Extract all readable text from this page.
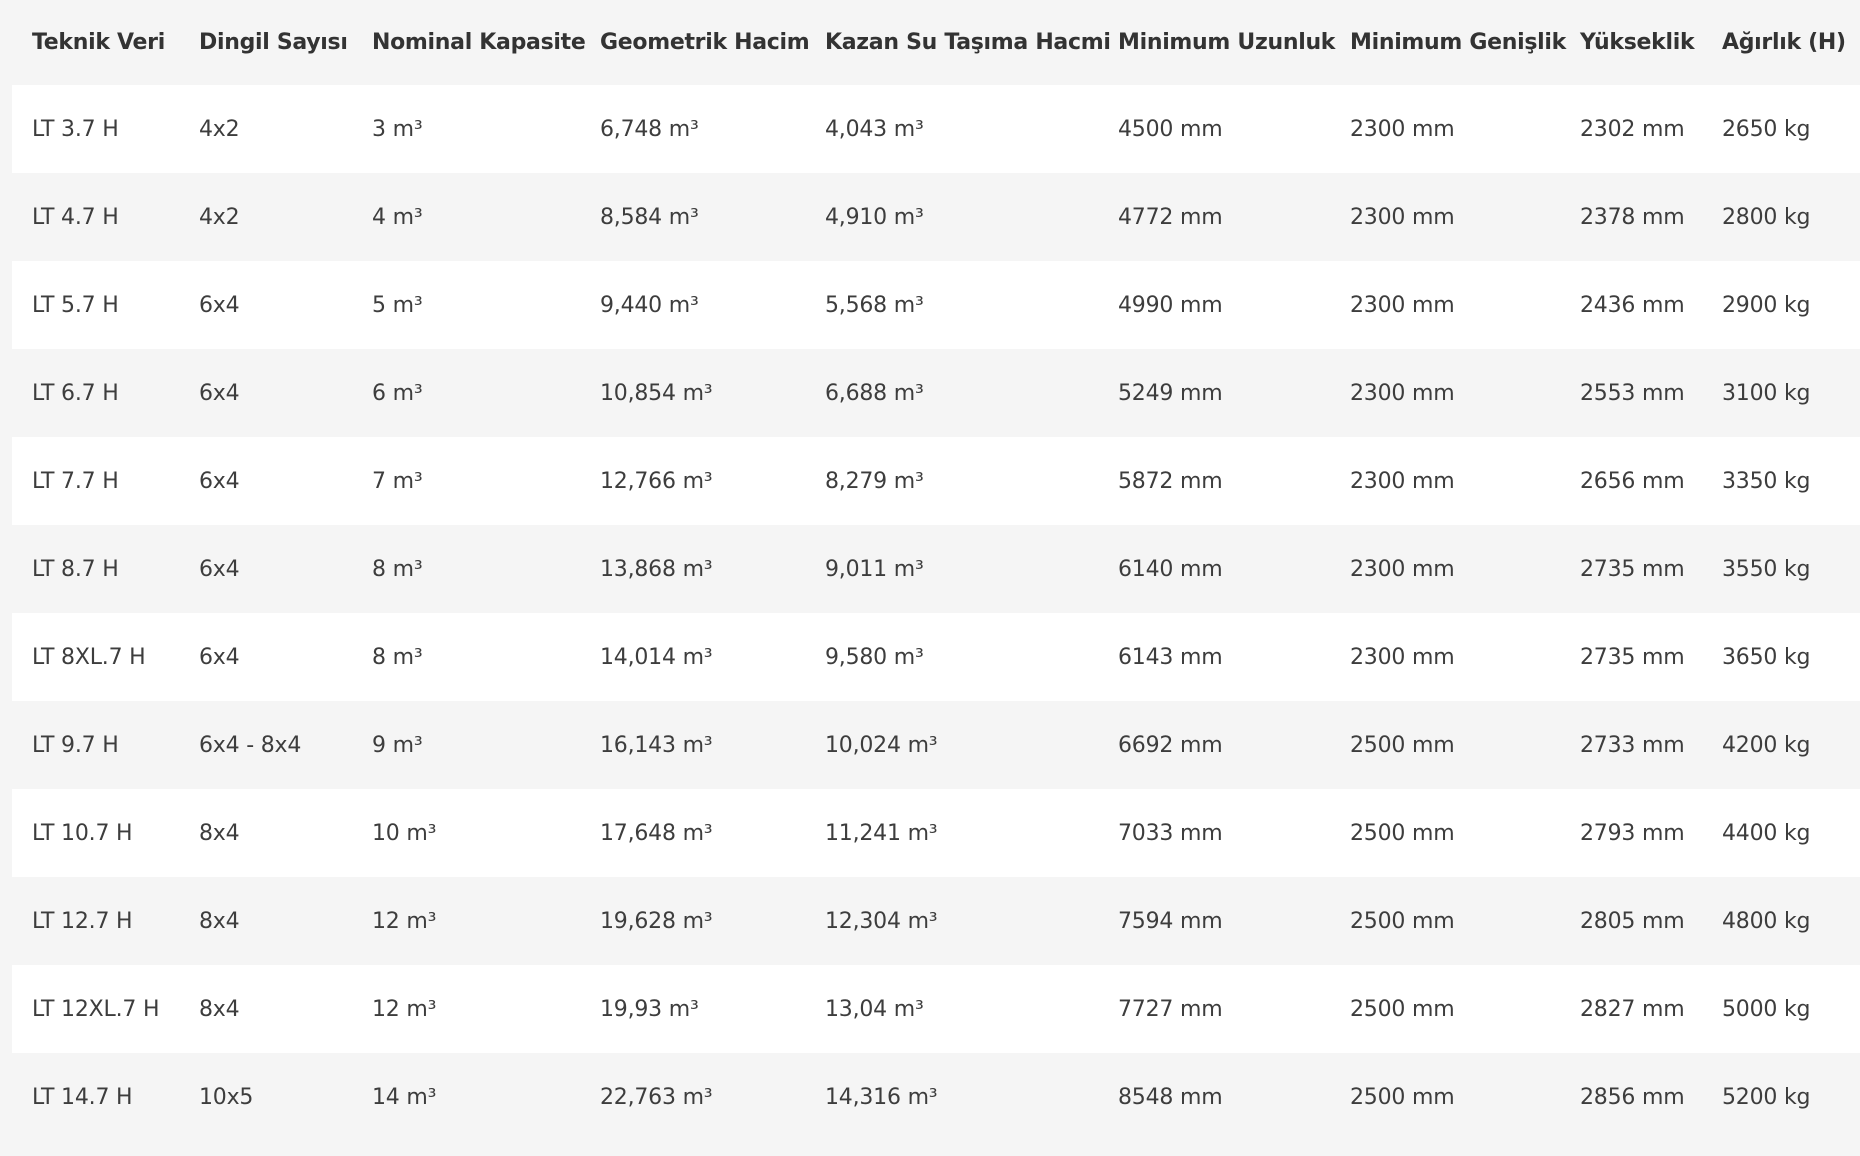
Teknik Veri	Dingil Sayısı	Nominal Kapasite	Geometrik Hacim	Kazan Su Taşıma Hacmi	Minimum Uzunluk	Minimum Genişlik	Yükseklik	Ağırlık (H)
LT 3.7 H	4x2	3 m³	6,748 m³	4,043 m³	4500 mm	2300 mm	2302 mm	2650 kg
LT 4.7 H	4x2	4 m³	8,584 m³	4,910 m³	4772 mm	2300 mm	2378 mm	2800 kg
LT 5.7 H	6x4	5 m³	9,440 m³	5,568 m³	4990 mm	2300 mm	2436 mm	2900 kg
LT 6.7 H	6x4	6 m³	10,854 m³	6,688 m³	5249 mm	2300 mm	2553 mm	3100 kg
LT 7.7 H	6x4	7 m³	12,766 m³	8,279 m³	5872 mm	2300 mm	2656 mm	3350 kg
LT 8.7 H	6x4	8 m³	13,868 m³	9,011 m³	6140 mm	2300 mm	2735 mm	3550 kg
LT 8XL.7 H	6x4	8 m³	14,014 m³	9,580 m³	6143 mm	2300 mm	2735 mm	3650 kg
LT 9.7 H	6x4 - 8x4	9 m³	16,143 m³	10,024 m³	6692 mm	2500 mm	2733 mm	4200 kg
LT 10.7 H	8x4	10 m³	17,648 m³	11,241 m³	7033 mm	2500 mm	2793 mm	4400 kg
LT 12.7 H	8x4	12 m³	19,628 m³	12,304 m³	7594 mm	2500 mm	2805 mm	4800 kg
LT 12XL.7 H	8x4	12 m³	19,93 m³	13,04 m³	7727 mm	2500 mm	2827 mm	5000 kg
LT 14.7 H	10x5	14 m³	22,763 m³	14,316 m³	8548 mm	2500 mm	2856 mm	5200 kg
